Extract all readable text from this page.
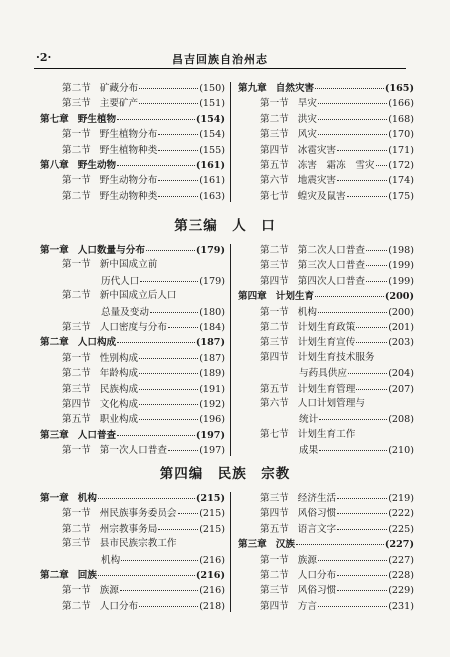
·2·	昌吉回族自治州志
第二节 矿藏分布	(150)
第三节 主要矿产	(151)
第七章 野生植物	(154)
第一节 野生植物分布	(154)
第二节 野生植物种类	(155)
第八章 野生动物	(161)
第一节 野生动物分布	(161)
第二节 野生动物种类	(163)
第九章 自然灾害	(165)
第一节 旱灾	(166)
第二节 洪灾	(168)
第三节 风灾	(170)
第四节 冰雹灾害	(171)
第五节 冻害　霜冻　雪灾 (172)
第六节 地震灾害	(174)
第七节 蝗灾及鼠害	(175)
第三编　人　口
第一章 人口数量与分布	(179)
第一节 新中国成立前
历代人口	(179)
第二节 新中国成立后人口
总量及变动	(180)
第三节 人口密度与分布	(184)
第二章 人口构成	(187)
第一节 性别构成	(187)
第二节 年龄构成	(189)
第三节 民族构成	(191)
第四节 文化构成	(192)
第五节 职业构成	(196)
第三章 人口普查	(197)
第一节 第一次人口普查	(197)
第二节 第二次人口普查 (198)
第三节 第三次人口普查 (199)
第四节 第四次人口普查 (199)
第四章 计划生育	(200)
第一节 机构	(200)
第二节 计划生育政策	(201)
第三节 计划生育宣传	(203)
第四节 计划生育技术服务
与药具供应	(204)
第五节 计划生育管理	(207)
第六节 人口计划管理与
统计	(208)
第七节 计划生育工作
成果	(210)
第四编　民族　宗教
第一章 机构	(215)
第一节 州民族事务委员会 (215)
第二节 州宗教事务局	(215)
第三节 县市民族宗教工作
机构	(216)
第二章 回族	(216)
第一节 族源	(216)
第二节 人口分布	(218)
第三节 经济生活	(219)
第四节 风俗习惯	(222)
第五节 语言文字	(225)
第三章 汉族	(227)
第一节 族源	(227)
第二节 人口分布	(228)
第三节 风俗习惯	(229)
第四节 方言	(231)
